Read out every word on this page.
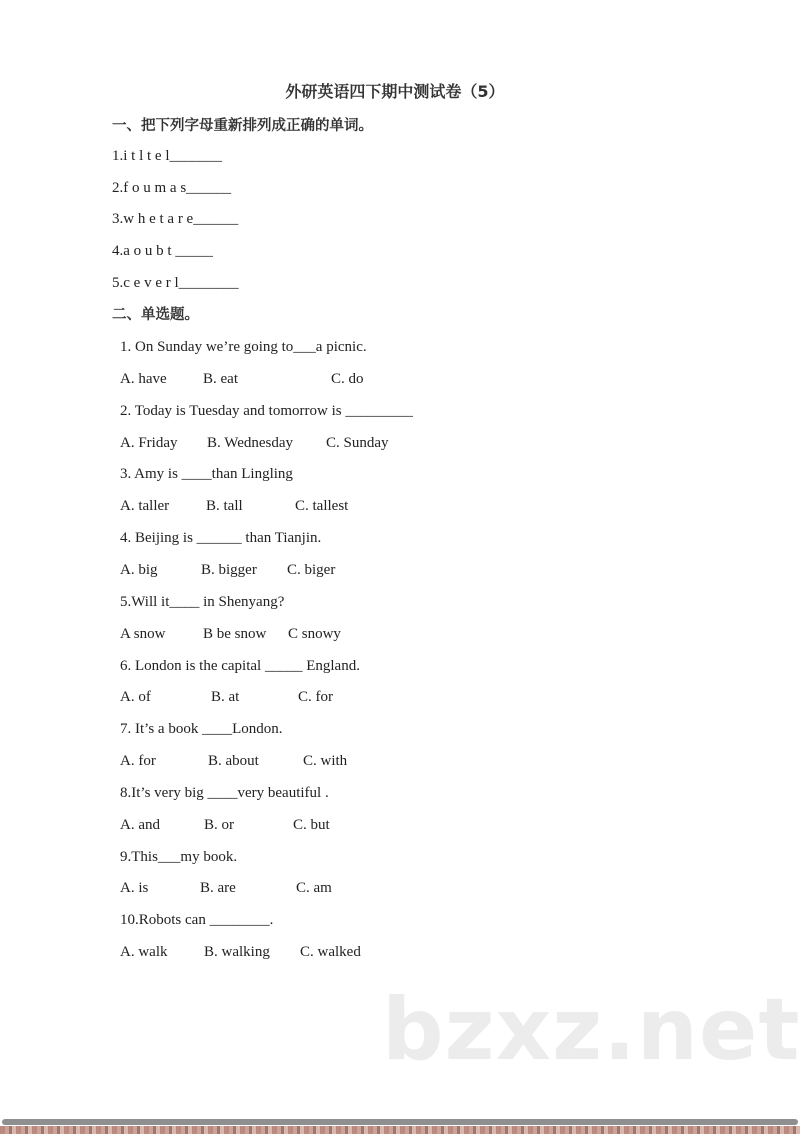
外研英语四下期中测试卷（5）
一、把下列字母重新排列成正确的单词。
1.i t l t e l_______
2.f o u m a s______
3.w h e t a r e______
4.a o u b t _____
5.c e v e r l________
二、单选题。
1. On Sunday we’re going to___a picnic.
A. have B. eat	C. do
2. Today is Tuesday and tomorrow is _________
A. Friday B. Wednesday C. Sunday
3. Amy is ____than Lingling
A. taller B. tall	C. tallest
4. Beijing is ______ than Tianjin.
A. big	B. bigger C. biger
5.Will it____ in Shenyang?
A snow	B be snow C snowy
6. London is the capital _____ England.
A. of	B. at	C. for
7. It’s a book ____London.
A. for	B. about	C. with
8.It’s very big ____very beautiful .
A. and	B. or	C. but
9.This___my book.
A. is	B. are	C. am
10.Robots can ________.
A. walk B. walking C. walked
bzxz.net
